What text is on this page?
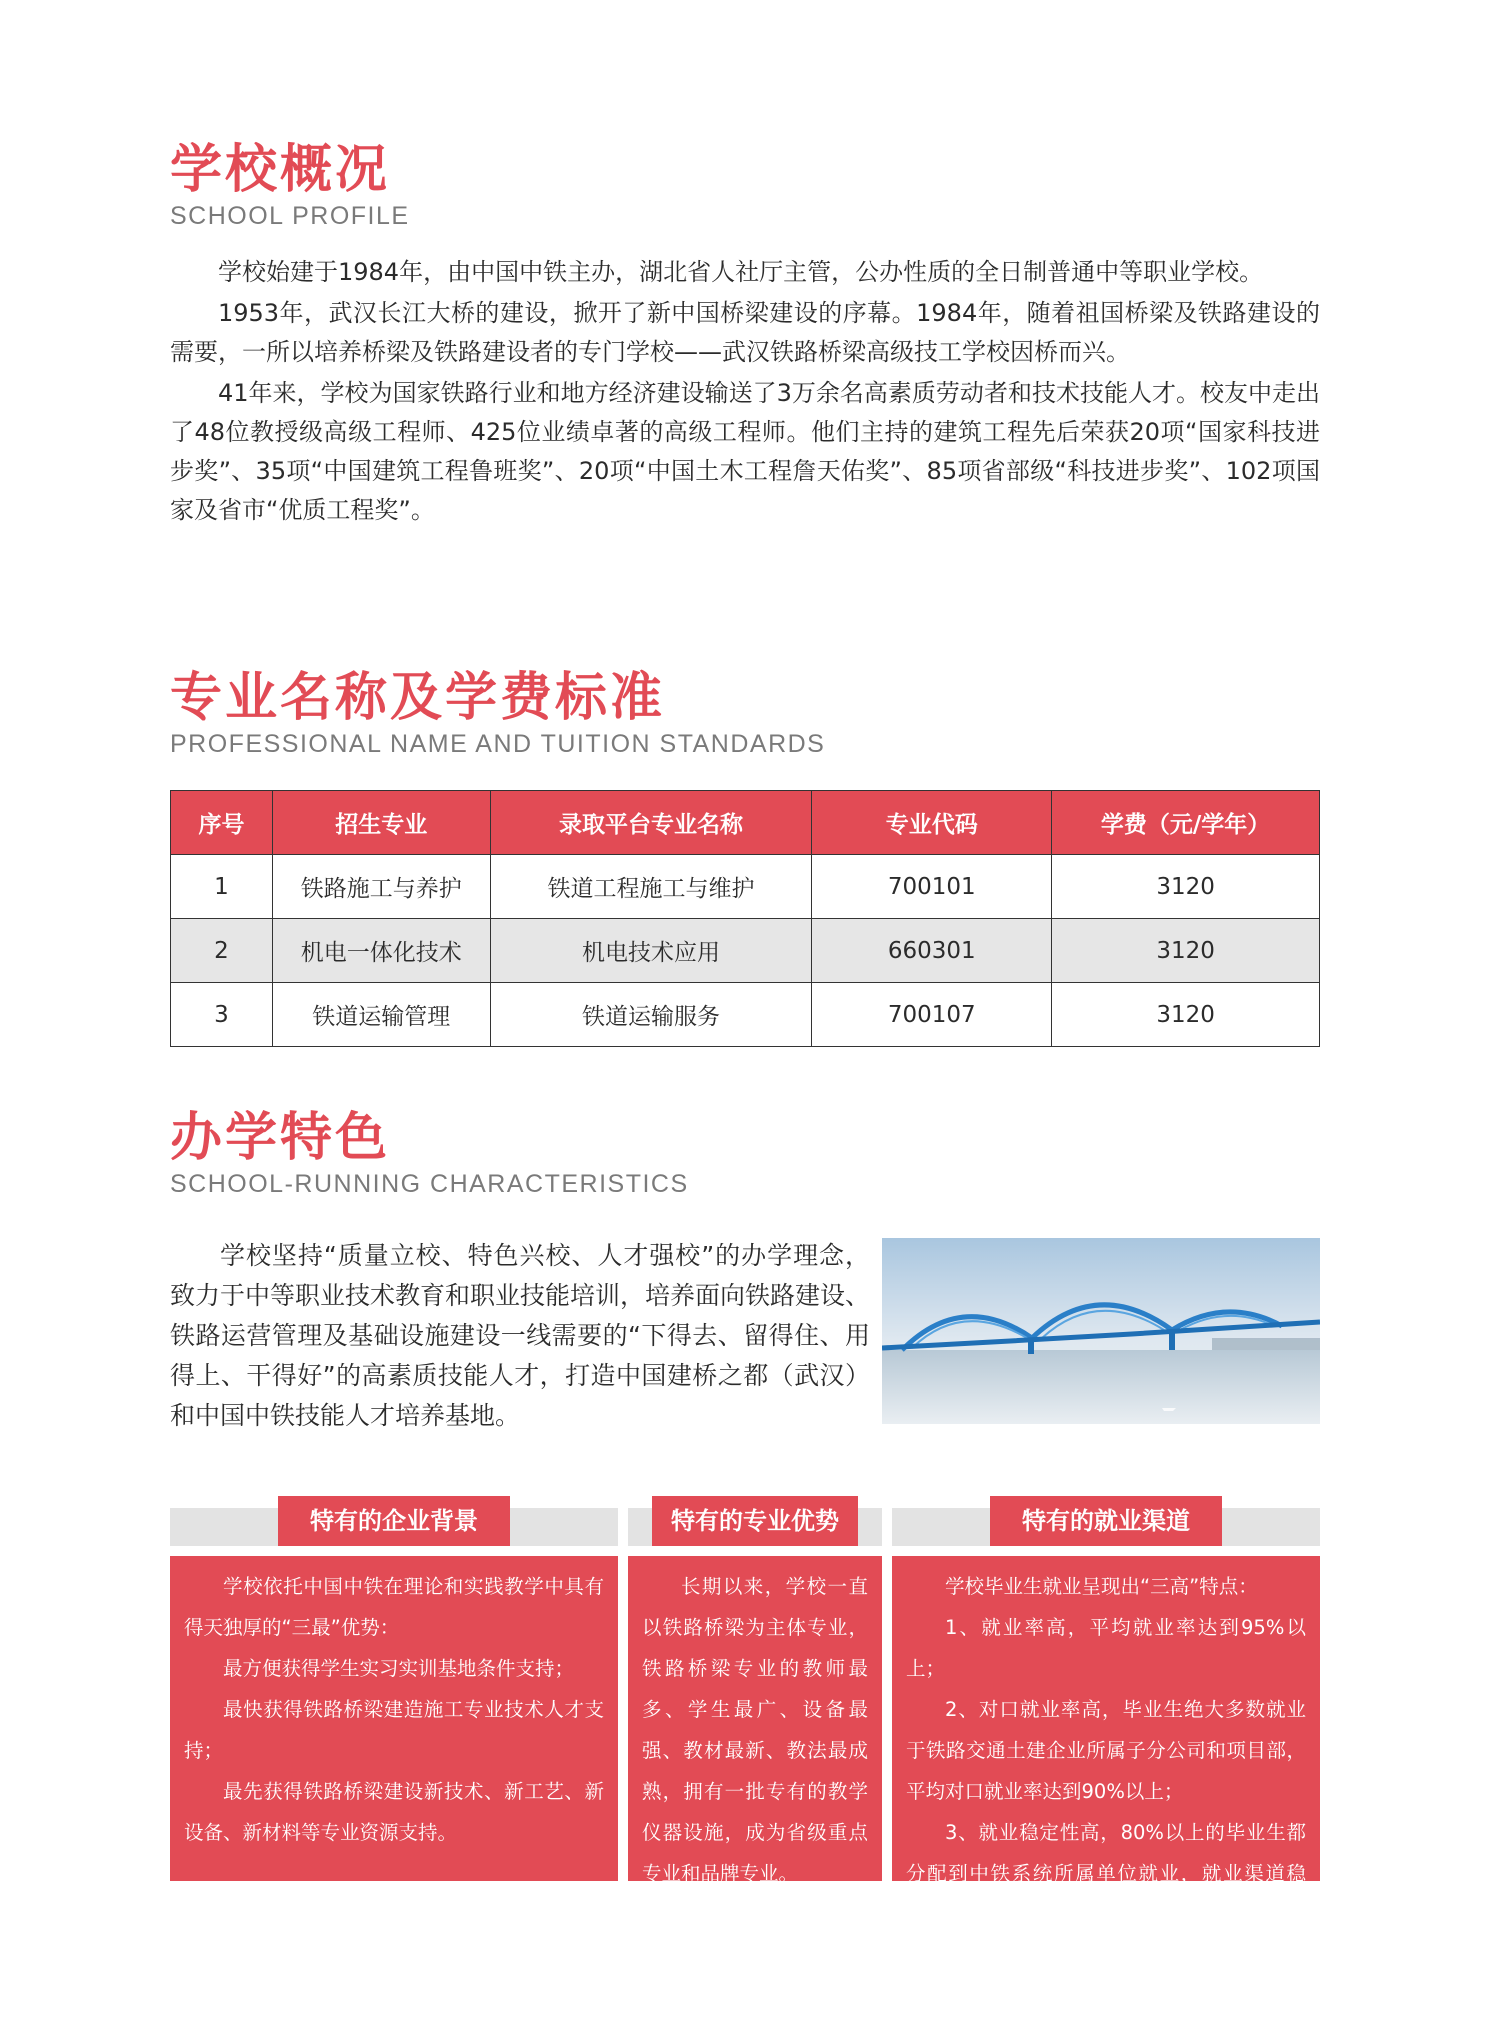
学校概况
SCHOOL PROFILE

学校始建于1984年，由中国中铁主办，湖北省人社厅主管，公办性质的全日制普通中等职业学校。

1953年，武汉长江大桥的建设，掀开了新中国桥梁建设的序幕。1984年，随着祖国桥梁及铁路建设的需要，一所以培养桥梁及铁路建设者的专门学校——武汉铁路桥梁高级技工学校因桥而兴。

41年来，学校为国家铁路行业和地方经济建设输送了3万余名高素质劳动者和技术技能人才。校友中走出了48位教授级高级工程师、425位业绩卓著的高级工程师。他们主持的建筑工程先后荣获20项“国家科技进步奖”、35项“中国建筑工程鲁班奖”、20项“中国土木工程詹天佑奖”、85项省部级“科技进步奖”、102项国家及省市“优质工程奖”。

专业名称及学费标准
PROFESSIONAL NAME AND TUITION STANDARDS
序号	招生专业	录取平台专业名称	专业代码	学费（元/学年）
1	铁路施工与养护	铁道工程施工与维护	700101	3120
2	机电一体化技术	机电技术应用	660301	3120
3	铁道运输管理	铁道运输服务	700107	3120
办学特色
SCHOOL-RUNNING CHARACTERISTICS

学校坚持“质量立校、特色兴校、人才强校”的办学理念，致力于中等职业技术教育和职业技能培训，培养面向铁路建设、铁路运营管理及基础设施建设一线需要的“下得去、留得住、用得上、干得好”的高素质技能人才，打造中国建桥之都（武汉）和中国中铁技能人才培养基地。

特有的企业背景

学校依托中国中铁在理论和实践教学中具有得天独厚的“三最”优势：

最方便获得学生实习实训基地条件支持；

最快获得铁路桥梁建造施工专业技术人才支持；

最先获得铁路桥梁建设新技术、新工艺、新设备、新材料等专业资源支持。

特有的专业优势

长期以来，学校一直以铁路桥梁为主体专业，铁路桥梁专业的教师最多、学生最广、设备最强、教材最新、教法最成熟，拥有一批专有的教学仪器设施，成为省级重点专业和品牌专业。

特有的就业渠道

学校毕业生就业呈现出“三高”特点：

1、就业率高，平均就业率达到95%以上；

2、对口就业率高，毕业生绝大多数就业于铁路交通土建企业所属子分公司和项目部，平均对口就业率达到90%以上；

3、就业稳定性高，80%以上的毕业生都分配到中铁系统所属单位就业，就业渠道稳定。
